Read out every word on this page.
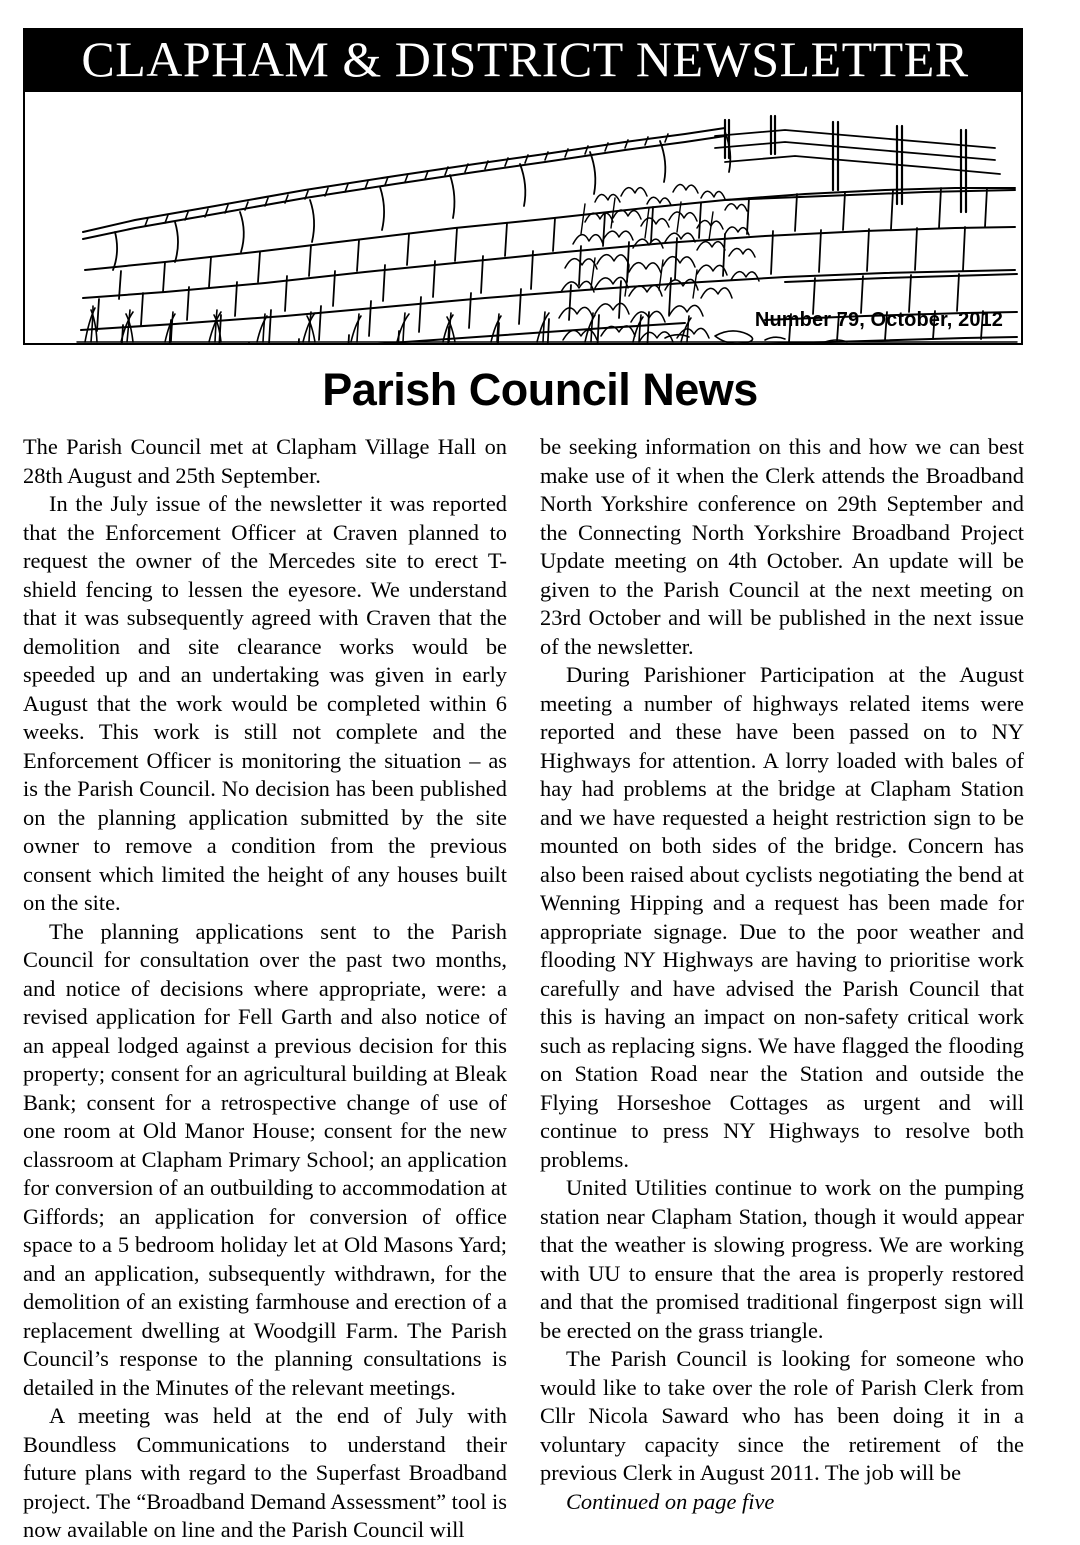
CLAPHAM & DISTRICT NEWSLETTER
Number 79, October, 2012
Parish Council News

The Parish Council met at Clapham Village Hall on 28th August and 25th September.

In the July issue of the newsletter it was reported that the Enforcement Officer at Craven planned to request the owner of the Mercedes site to erect T-shield fencing to lessen the eyesore. We understand that it was subsequently agreed with Craven that the demolition and site clearance works would be speeded up and an undertaking was given in early August that the work would be completed within 6 weeks. This work is still not complete and the Enforcement Officer is monitoring the situation – as is the Parish Council. No decision has been published on the planning application submitted by the site owner to remove a condition from the previous consent which limited the height of any houses built on the site.

The planning applications sent to the Parish Council for consultation over the past two months, and notice of decisions where appropriate, were: a revised application for Fell Garth and also notice of an appeal lodged against a previous decision for this property; consent for an agricultural building at Bleak Bank; consent for a retrospective change of use of one room at Old Manor House; consent for the new classroom at Clapham Primary School; an application for conversion of an outbuilding to accommodation at Giffords; an application for conversion of office space to a 5 bedroom holiday let at Old Masons Yard; and an application, subsequently withdrawn, for the demolition of an existing farmhouse and erection of a replacement dwelling at Woodgill Farm. The Parish Council’s response to the planning consultations is detailed in the Minutes of the relevant meetings.

A meeting was held at the end of July with Boundless Communications to understand their future plans with regard to the Superfast Broadband project. The “Broadband Demand Assessment” tool is now available on line and the Parish Council will

be seeking information on this and how we can best make use of it when the Clerk attends the Broadband North Yorkshire conference on 29th September and the Connecting North Yorkshire Broadband Project Update meeting on 4th October. An update will be given to the Parish Council at the next meeting on 23rd October and will be published in the next issue of the newsletter.

During Parishioner Participation at the August meeting a number of highways related items were reported and these have been passed on to NY Highways for attention. A lorry loaded with bales of hay had problems at the bridge at Clapham Station and we have requested a height restriction sign to be mounted on both sides of the bridge. Concern has also been raised about cyclists negotiating the bend at Wenning Hipping and a request has been made for appropriate signage. Due to the poor weather and flooding NY Highways are having to prioritise work carefully and have advised the Parish Council that this is having an impact on non-safety critical work such as replacing signs. We have flagged the flooding on Station Road near the Station and outside the Flying Horseshoe Cottages as urgent and will continue to press NY Highways to resolve both problems.

United Utilities continue to work on the pumping station near Clapham Station, though it would appear that the weather is slowing progress. We are working with UU to ensure that the area is properly restored and that the promised traditional fingerpost sign will be erected on the grass triangle.

The Parish Council is looking for someone who would like to take over the role of Parish Clerk from Cllr Nicola Saward who has been doing it in a voluntary capacity since the retirement of the previous Clerk in August 2011. The job will be

Continued on page five
